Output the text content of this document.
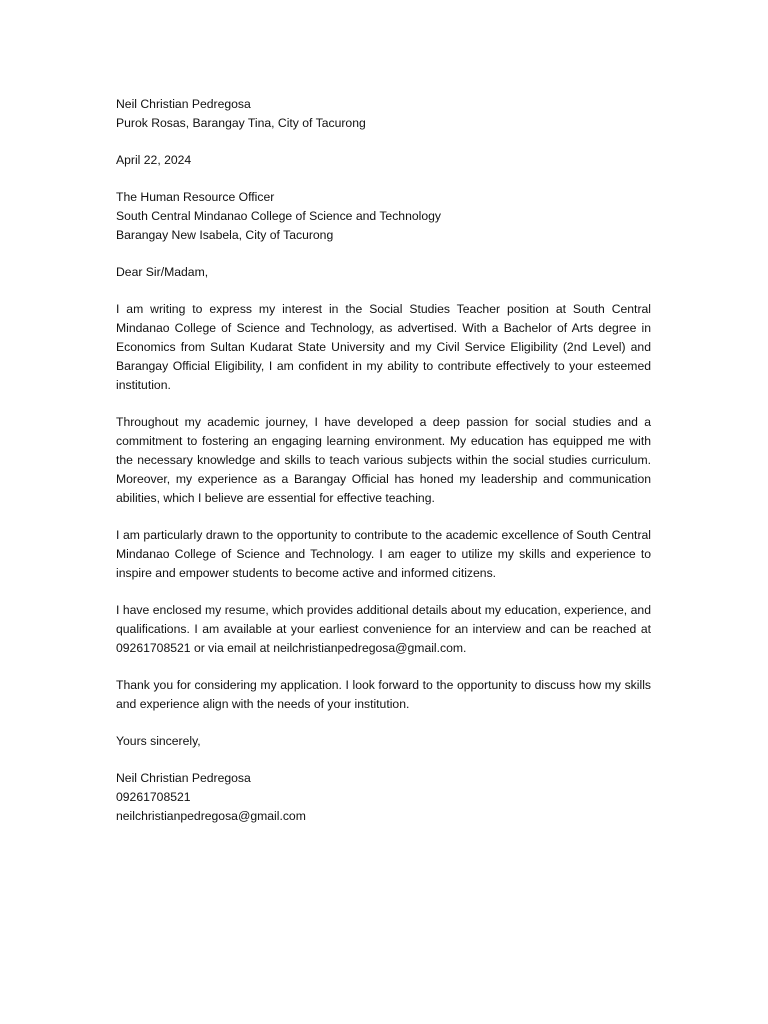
Neil Christian Pedregosa
Purok Rosas, Barangay Tina, City of Tacurong
April 22, 2024
The Human Resource Officer
South Central Mindanao College of Science and Technology
Barangay New Isabela, City of Tacurong
Dear Sir/Madam,

I am writing to express my interest in the Social Studies Teacher position at South Central Mindanao College of Science and Technology, as advertised. With a Bachelor of Arts degree in Economics from Sultan Kudarat State University and my Civil Service Eligibility (2nd Level) and Barangay Official Eligibility, I am confident in my ability to contribute effectively to your esteemed institution.

Throughout my academic journey, I have developed a deep passion for social studies and a commitment to fostering an engaging learning environment. My education has equipped me with the necessary knowledge and skills to teach various subjects within the social studies curriculum. Moreover, my experience as a Barangay Official has honed my leadership and communication abilities, which I believe are essential for effective teaching.

I am particularly drawn to the opportunity to contribute to the academic excellence of South Central Mindanao College of Science and Technology. I am eager to utilize my skills and experience to inspire and empower students to become active and informed citizens.

I have enclosed my resume, which provides additional details about my education, experience, and qualifications. I am available at your earliest convenience for an interview and can be reached at 09261708521 or via email at neilchristianpedregosa@gmail.com.

Thank you for considering my application. I look forward to the opportunity to discuss how my skills and experience align with the needs of your institution.

Yours sincerely,
Neil Christian Pedregosa
09261708521
neilchristianpedregosa@gmail.com
